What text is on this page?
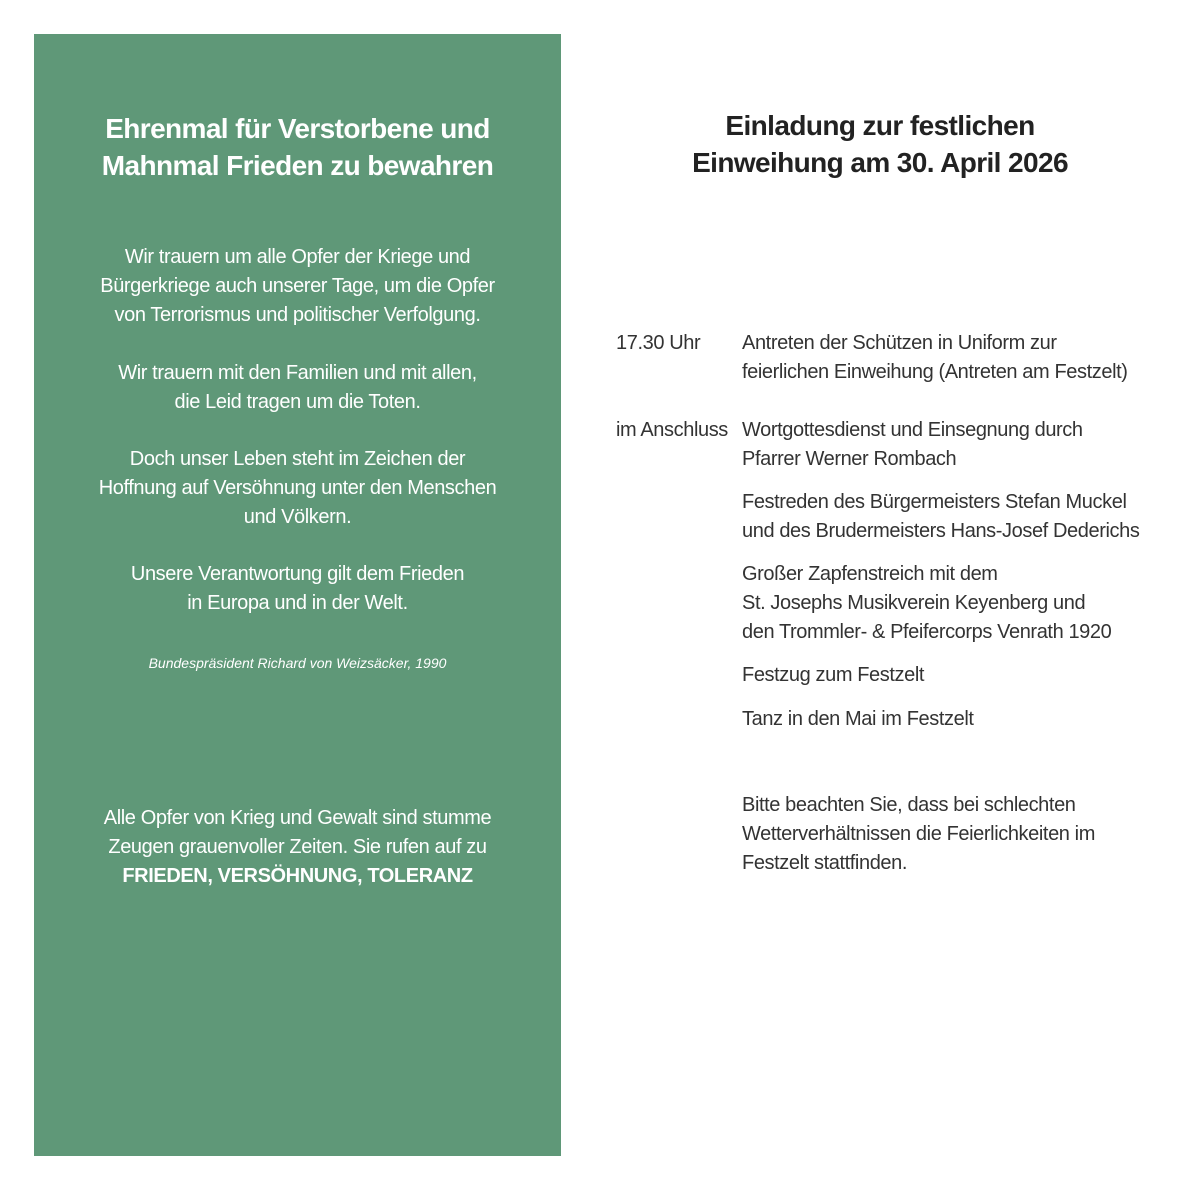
Ehrenmal für Verstorbene und
Mahnmal Frieden zu bewahren
Wir trauern um alle Opfer der Kriege und
Bürgerkriege auch unserer Tage, um die Opfer
von Terrorismus und politischer Verfolgung.
Wir trauern mit den Familien und mit allen,
die Leid tragen um die Toten.
Doch unser Leben steht im Zeichen der
Hoffnung auf Versöhnung unter den Menschen
und Völkern.
Unsere Verantwortung gilt dem Frieden
in Europa und in der Welt.
Bundespräsident Richard von Weizsäcker, 1990
Alle Opfer von Krieg und Gewalt sind stumme
Zeugen grauenvoller Zeiten. Sie rufen auf zu
FRIEDEN, VERSÖHNUNG, TOLERANZ
Einladung zur festlichen
Einweihung am 30. April 2026
17.30 Uhr Antreten der Schützen in Uniform zur
feierlichen Einweihung (Antreten am Festzelt)
im Anschluss Wortgottesdienst und Einsegnung durch
Pfarrer Werner Rombach
Festreden des Bürgermeisters Stefan Muckel
und des Brudermeisters Hans-Josef Dederichs
Großer Zapfenstreich mit dem
St. Josephs Musikverein Keyenberg und
den Trommler- & Pfeifercorps Venrath 1920
Festzug zum Festzelt
Tanz in den Mai im Festzelt
Bitte beachten Sie, dass bei schlechten
Wetterverhältnissen die Feierlichkeiten im
Festzelt stattfinden.
